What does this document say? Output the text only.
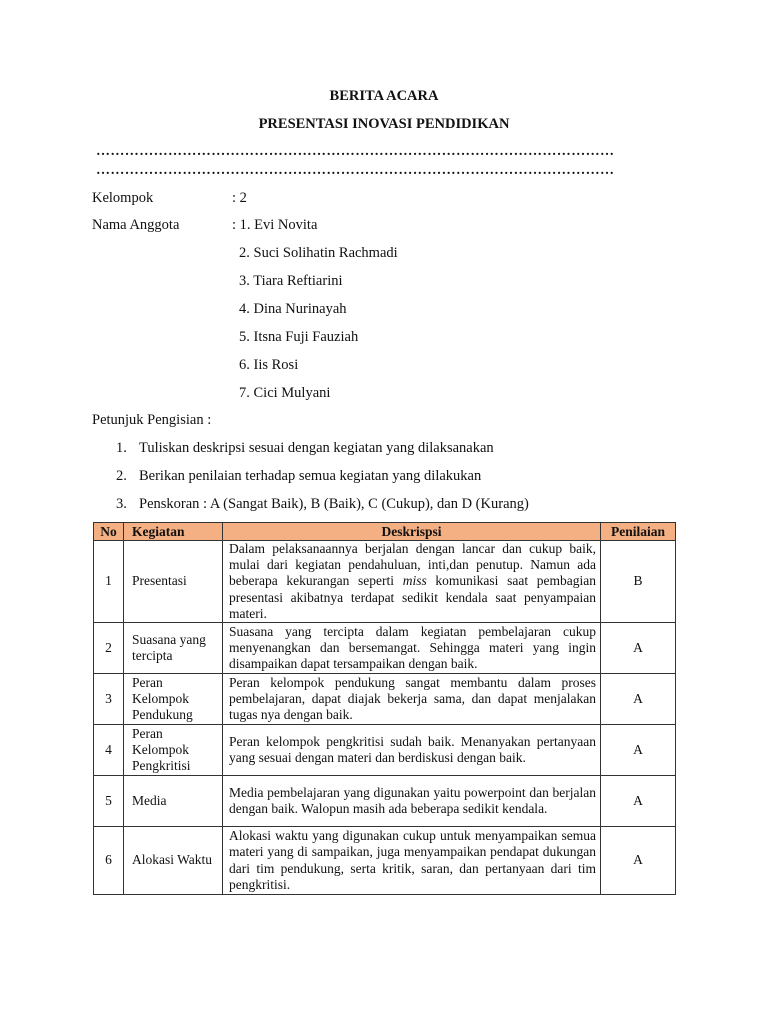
BERITA ACARA
PRESENTASI INOVASI PENDIDIKAN
………………………………………………………………………………………………
………………………………………………………………………………………………
Kelompok	: 2
Nama Anggota	: 1. Evi Novita
2. Suci Solihatin Rachmadi
3. Tiara Reftiarini
4. Dina Nurinayah
5. Itsna Fuji Fauziah
6. Iis Rosi
7. Cici Mulyani
Petunjuk Pengisian :
1. Tuliskan deskripsi sesuai dengan kegiatan yang dilaksanakan
2. Berikan penilaian terhadap semua kegiatan yang dilakukan
3. Penskoran : A (Sangat Baik), B (Baik), C (Cukup), dan D (Kurang)
No	Kegiatan	Deskrispsi	Penilaian
1	Presentasi	Dalam pelaksanaannya berjalan dengan lancar dan cukup baik, mulai dari kegiatan pendahuluan, inti,dan penutup. Namun ada beberapa kekurangan seperti miss komunikasi saat pembagian presentasi akibatnya terdapat sedikit kendala saat penyampaian materi.	B
2	Suasana yang tercipta	Suasana yang tercipta dalam kegiatan pembelajaran cukup menyenangkan dan bersemangat. Sehingga materi yang ingin disampaikan dapat tersampaikan dengan baik.	A
3	Peran Kelompok Pendukung	Peran kelompok pendukung sangat membantu dalam proses pembelajaran, dapat diajak bekerja sama, dan dapat menjalakan tugas nya dengan baik.	A
4	Peran Kelompok Pengkritisi	Peran kelompok pengkritisi sudah baik. Menanyakan pertanyaan yang sesuai dengan materi dan berdiskusi dengan baik.	A
5	Media	Media pembelajaran yang digunakan yaitu powerpoint dan berjalan dengan baik. Walopun masih ada beberapa sedikit kendala.	A
6	Alokasi Waktu	Alokasi waktu yang digunakan cukup untuk menyampaikan semua materi yang di sampaikan, juga menyampaikan pendapat dukungan dari tim pendukung, serta kritik, saran, dan pertanyaan dari tim pengkritisi.	A
